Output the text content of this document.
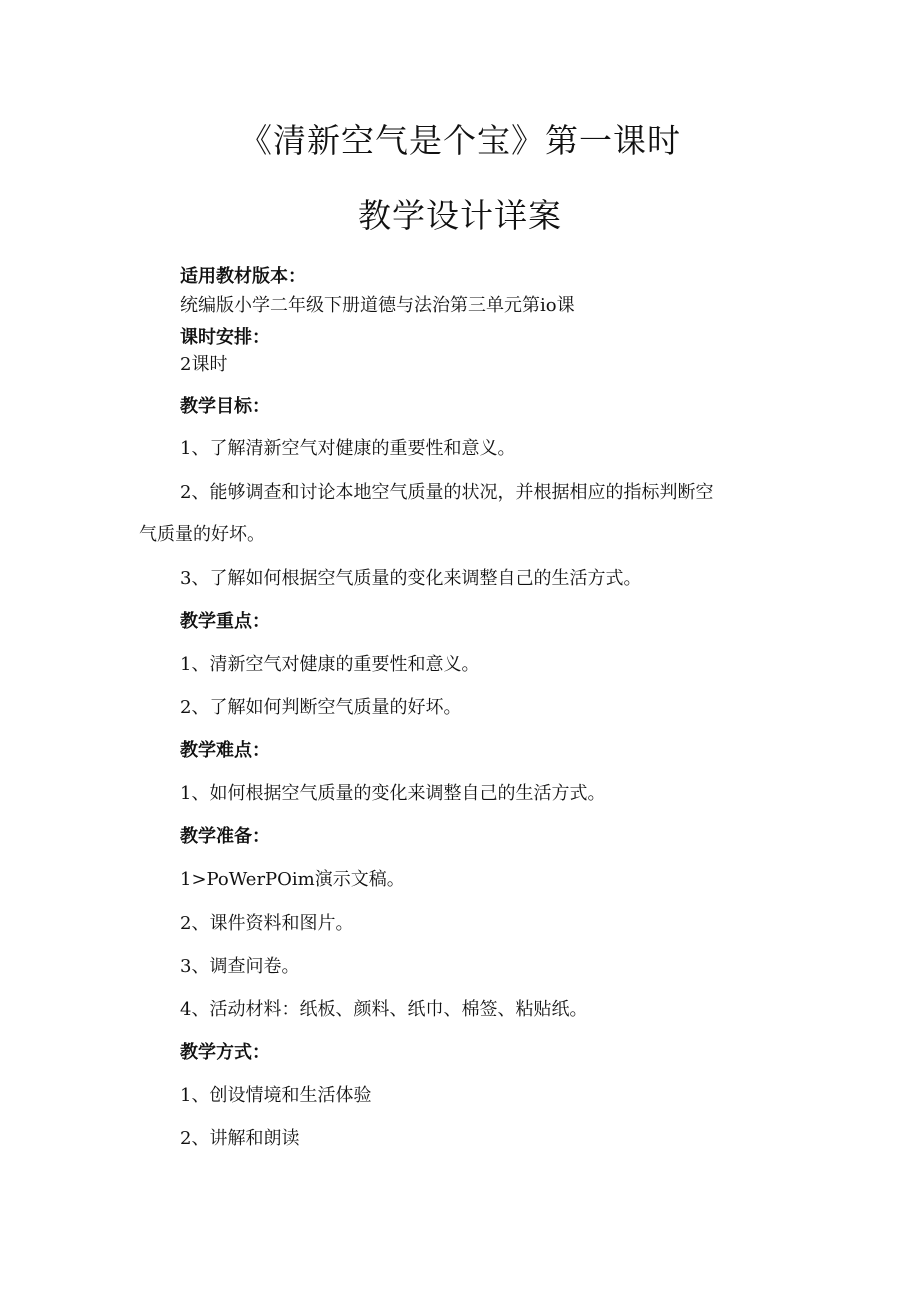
《清新空气是个宝》第一课时
教学设计详案

适用教材版本：

统编版小学二年级下册道德与法治第三单元第io课

课时安排：

2课时

教学目标：

1、了解清新空气对健康的重要性和意义。

2、能够调查和讨论本地空气质量的状况，并根据相应的指标判断空

气质量的好坏。

3、了解如何根据空气质量的变化来调整自己的生活方式。

教学重点：

1、清新空气对健康的重要性和意义。

2、了解如何判断空气质量的好坏。

教学难点：

1、如何根据空气质量的变化来调整自己的生活方式。

教学准备：

1>PoWerPOim演示文稿。

2、课件资料和图片。

3、调查问卷。

4、活动材料：纸板、颜料、纸巾、棉签、粘贴纸。

教学方式：

1、创设情境和生活体验

2、讲解和朗读
